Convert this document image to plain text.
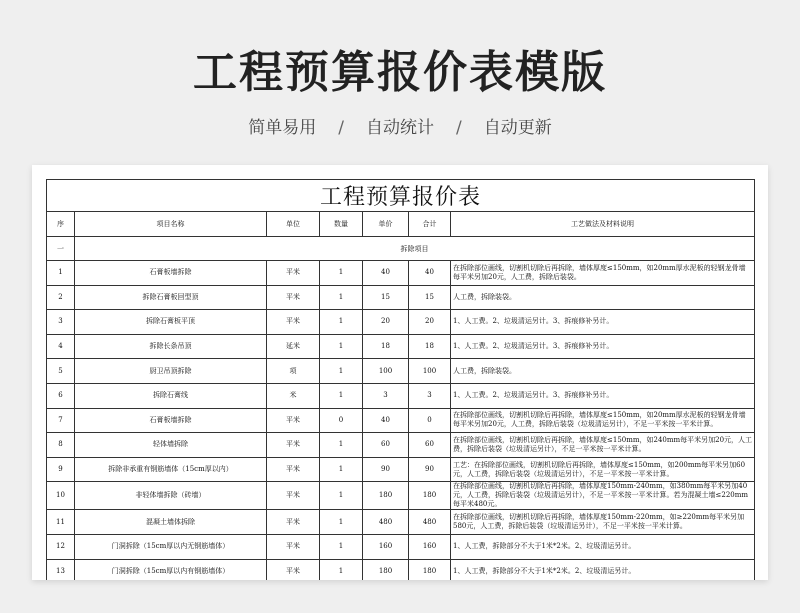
工程预算报价表模版
简单易用 / 自动统计 / 自动更新
工程预算报价表						
序	项目名称	单位	数量	单价	合计	工艺做法及材料说明
一	拆除项目					
1	石膏板墙拆除	平米	1	40	40	在拆除部位画线，切割机切除后再拆除，墙体厚度≤150mm，如20mm厚水泥板的轻钢龙骨墙每平米另加20元，人工费，拆除后装袋。
2	拆除石膏板回型顶	平米	1	15	15	人工费，拆除装袋。
3	拆除石膏板平顶	平米	1	20	20	1、人工费。2、垃圾清运另计。3、拆痕修补另计。
4	拆除长条吊顶	延米	1	18	18	1、人工费。2、垃圾清运另计。3、拆痕修补另计。
5	厨卫吊顶拆除	项	1	100	100	人工费，拆除装袋。
6	拆除石膏线	米	1	3	3	1、人工费。2、垃圾清运另计。3、拆痕修补另计。
7	石膏板墙拆除	平米	0	40	0	在拆除部位画线，切割机切除后再拆除，墙体厚度≤150mm，如20mm厚水泥板的轻钢龙骨墙每平米另加20元，人工费，拆除后装袋（垃圾清运另计），不足一平米按一平米计算。
8	轻体墙拆除	平米	1	60	60	在拆除部位画线，切割机切除后再拆除，墙体厚度≤150mm，如240mm每平米另加20元，人工费，拆除后装袋（垃圾清运另计），不足一平米按一平米计算。
9	拆除非承重有钢筋墙体（15cm厚以内）	平米	1	90	90	工艺：在拆除部位画线，切割机切除后再拆除，墙体厚度≤150mm，如200mm每平米另加60元，人工费，拆除后装袋（垃圾清运另计），不足一平米按一平米计算。
10	非轻体墙拆除（砖墙）	平米	1	180	180	在拆除部位画线，切割机切除后再拆除，墙体厚度150mm-240mm，如380mm每平米另加40元，人工费，拆除后装袋（垃圾清运另计），不足一平米按一平米计算。若为混凝土墙≤220mm每平米480元。
11	混凝土墙体拆除	平米	1	480	480	在拆除部位画线，切割机切除后再拆除，墙体厚度150mm-220mm，如≥220mm每平米另加580元，人工费，拆除后装袋（垃圾清运另计），不足一平米按一平米计算。
12	门洞拆除（15cm厚以内无钢筋墙体）	平米	1	160	160	1、人工费，拆除部分不大于1米*2米。2、垃圾清运另计。
13	门洞拆除（15cm厚以内有钢筋墙体）	平米	1	180	180	1、人工费，拆除部分不大于1米*2米。2、垃圾清运另计。
